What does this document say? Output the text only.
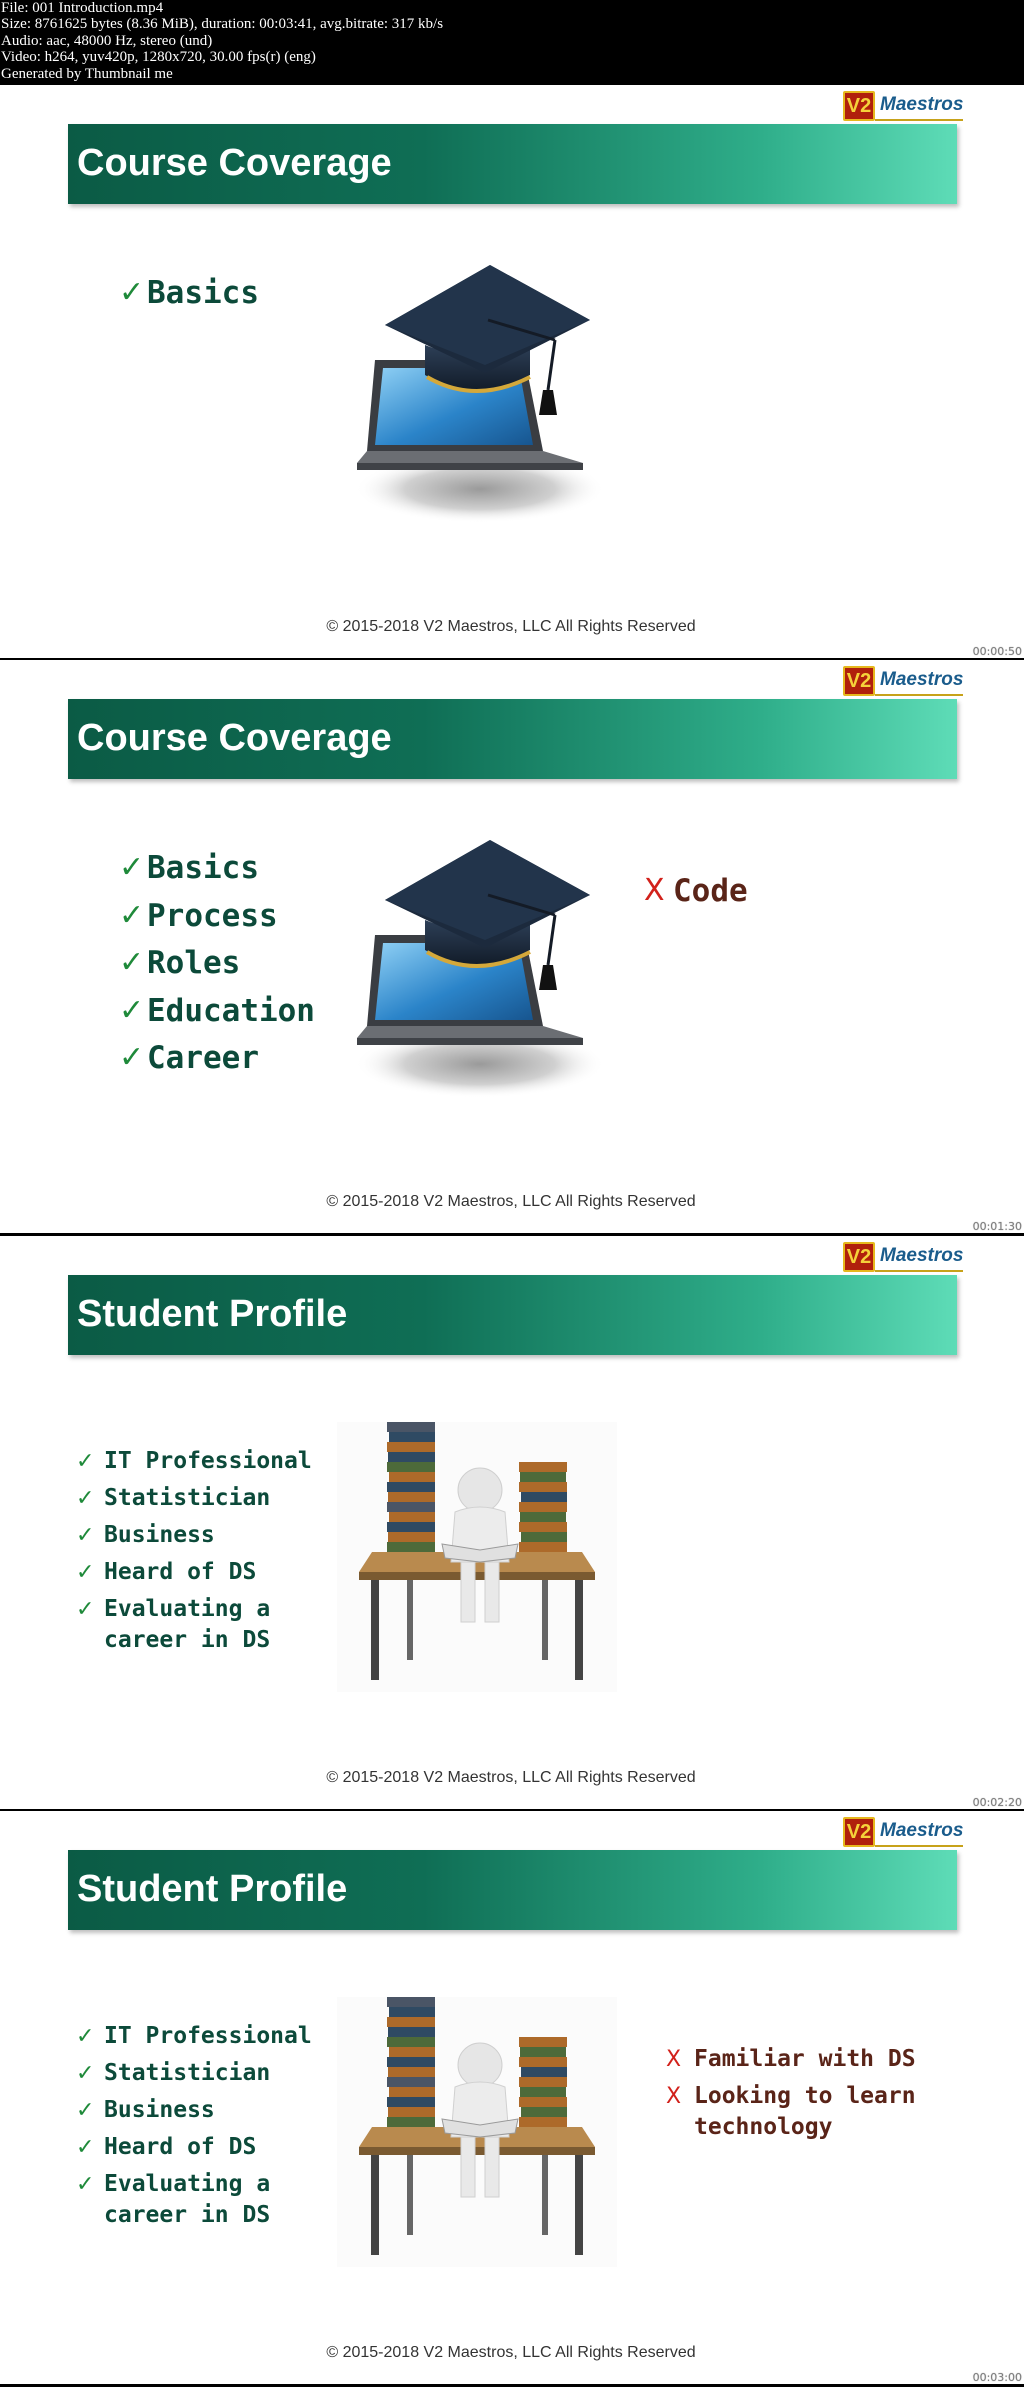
File: 001 Introduction.mp4
Size: 8761625 bytes (8.36 MiB), duration: 00:03:41, avg.bitrate: 317 kb/s
Audio: aac, 48000 Hz, stereo (und)
Video: h264, yuv420p, 1280x720, 30.00 fps(r) (eng)
Generated by Thumbnail me
V2 Maestros
Course Coverage
✓ Basics
© 2015-2018 V2 Maestros, LLC All Rights Reserved
00:00:50
V2 Maestros
Course Coverage
✓ Basics
✓ Process
✓ Roles
✓ Education
✓ Career
X Code
© 2015-2018 V2 Maestros, LLC All Rights Reserved
00:01:30
V2 Maestros
Student Profile
✓ IT Professional
✓ Statistician
✓ Business
✓ Heard of DS
✓ Evaluating a
career in DS
© 2015-2018 V2 Maestros, LLC All Rights Reserved
00:02:20
V2 Maestros
Student Profile
✓ IT Professional
✓ Statistician
✓ Business
✓ Heard of DS
✓ Evaluating a
career in DS
X Familiar with DS
X Looking to learn
technology
© 2015-2018 V2 Maestros, LLC All Rights Reserved
00:03:00
